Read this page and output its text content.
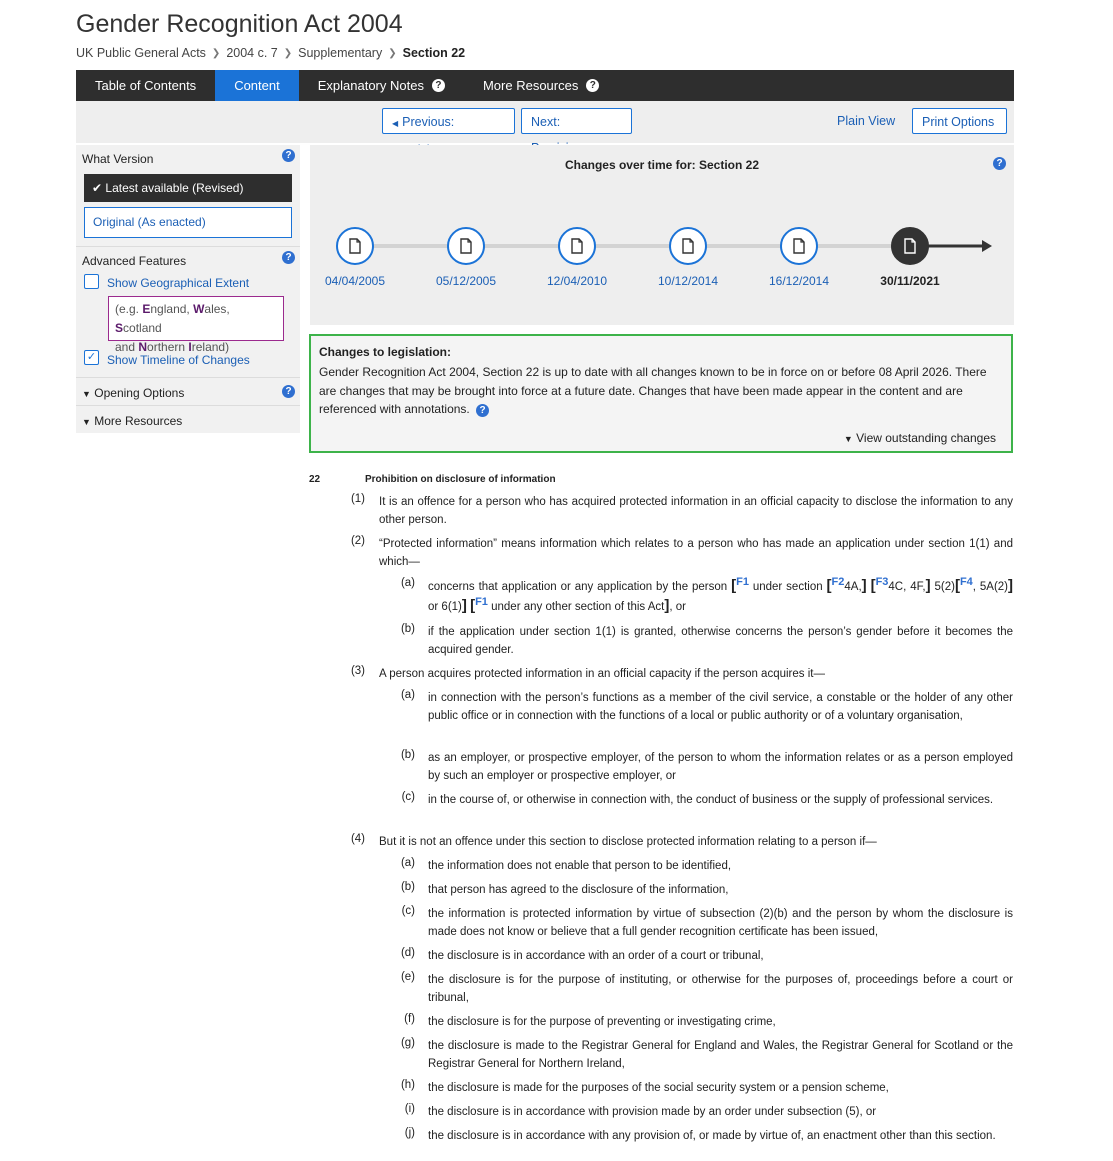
Gender Recognition Act 2004
UK Public General Acts ❯ 2004 c. 7 ❯ Supplementary ❯ Section 22
Table of Contents	Content	Explanatory Notes	?	More Resources	?
◀ Previous:	Next:	Plain View	Print Options
What Version	?
✔ Latest available (Revised)
Original (As enacted)
Advanced Features	?
Show Geographical Extent
(e.g. England, Wales, Scotland
and Northern Ireland)
✓ Show Timeline of Changes
▼ Opening Options	?
▼ More Resources
Changes over time for: Section 22	?
04/04/2005	05/12/2005	12/04/2010	10/12/2014	16/12/2014	30/11/2021
Changes to legislation:
Gender Recognition Act 2004, Section 22 is up to date with all changes known to be in force on or before 08 April 2026. There are changes that may be brought into force at a future date. Changes that have been made appear in the content and are referenced with annotations. ?
▼ View outstanding changes
22	Prohibition on disclosure of information
(1) It is an offence for a person who has acquired protected information in an official capacity to disclose the information to any other person.
(2) “Protected information” means information which relates to a person who has made an application under section 1(1) and which—
(a) concerns that application or any application by the person [F1 under section [F24A,] [F34C, 4F,] 5(2)[F4, 5A(2)] or 6(1)] [F1 under any other section of this Act], or
(b) if the application under section 1(1) is granted, otherwise concerns the person’s gender before it becomes the acquired gender.
(3) A person acquires protected information in an official capacity if the person acquires it—
(a) in connection with the person’s functions as a member of the civil service, a constable or the holder of any other public office or in connection with the functions of a local or public authority or of a voluntary organisation,
(b) as an employer, or prospective employer, of the person to whom the information relates or as a person employed by such an employer or prospective employer, or
(c) in the course of, or otherwise in connection with, the conduct of business or the supply of professional services.
(4) But it is not an offence under this section to disclose protected information relating to a person if—
(a) the information does not enable that person to be identified,
(b) that person has agreed to the disclosure of the information,
(c) the information is protected information by virtue of subsection (2)(b) and the person by whom the disclosure is made does not know or believe that a full gender recognition certificate has been issued,
(d) the disclosure is in accordance with an order of a court or tribunal,
(e) the disclosure is for the purpose of instituting, or otherwise for the purposes of, proceedings before a court or tribunal,
(f) the disclosure is for the purpose of preventing or investigating crime,
(g) the disclosure is made to the Registrar General for England and Wales, the Registrar General for Scotland or the Registrar General for Northern Ireland,
(h) the disclosure is made for the purposes of the social security system or a pension scheme,
(i) the disclosure is in accordance with provision made by an order under subsection (5), or
(j) the disclosure is in accordance with any provision of, or made by virtue of, an enactment other than this section.
